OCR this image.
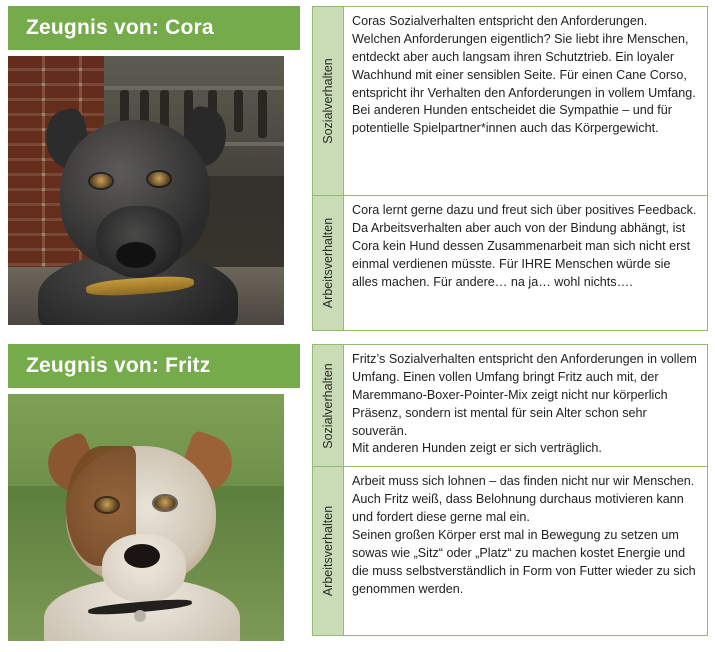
Zeugnis von: Cora
Zeugnis von: Fritz
Sozialverhalten

Coras Sozialverhalten entspricht den Anforderungen. Welchen Anforderungen eigentlich? Sie liebt ihre Menschen, entdeckt aber auch langsam ihren Schutztrieb. Ein loyaler Wachhund mit einer sensiblen Seite. Für einen Cane Corso, entspricht ihr Verhalten den Anforderungen in vollem Umfang. Bei anderen Hunden entscheidet die Sympathie – und für potentielle Spielpartner*innen auch das Körpergewicht.

Arbeitsverhalten

Cora lernt gerne dazu und freut sich über positives Feedback. Da Arbeitsverhalten aber auch von der Bindung abhängt, ist Cora kein Hund dessen Zusammenarbeit man sich nicht erst einmal verdienen müsste. Für IHRE Menschen würde sie alles machen. Für andere… na ja… wohl nichts….

Sozialverhalten

Fritz’s Sozialverhalten entspricht den Anforderungen in vollem Umfang. Einen vollen Umfang bringt Fritz auch mit, der Maremmano-Boxer-Pointer-Mix zeigt nicht nur körperlich Präsenz, sondern ist mental für sein Alter schon sehr souverän.

Mit anderen Hunden zeigt er sich verträglich.

Arbeitsverhalten

Arbeit muss sich lohnen – das finden nicht nur wir Menschen. Auch Fritz weiß, dass Belohnung durchaus motivieren kann und fordert diese gerne mal ein.

Seinen großen Körper erst mal in Bewegung zu setzen um sowas wie „Sitz“ oder „Platz“ zu machen kostet Energie und die muss selbstverständlich in Form von Futter wieder zu sich genommen werden.
